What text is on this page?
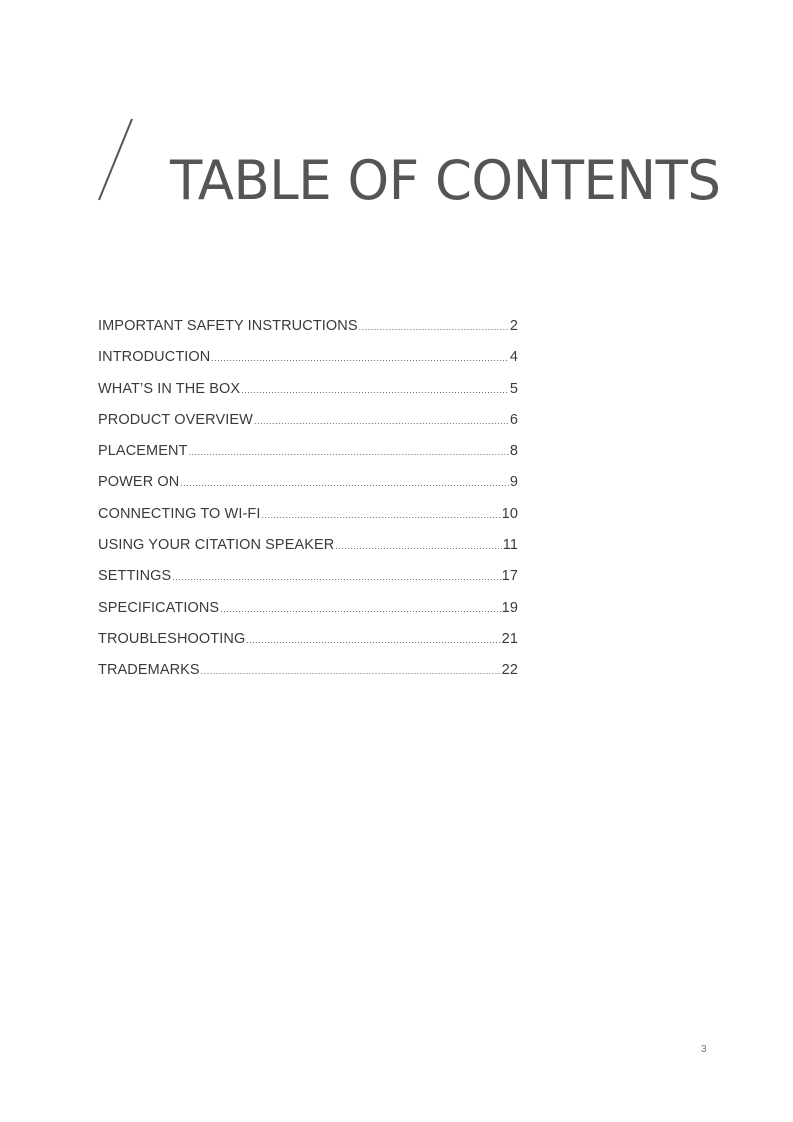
TABLE OF CONTENTS
IMPORTANT SAFETY INSTRUCTIONS .....	2
INTRODUCTION .....	4
WHAT’S IN THE BOX .....	5
PRODUCT OVERVIEW .....	6
PLACEMENT .....	8
POWER ON .....	9
CONNECTING TO WI-FI .....	10
USING YOUR CITATION SPEAKER .....	11
SETTINGS .....	17
SPECIFICATIONS .....	19
TROUBLESHOOTING .....	21
TRADEMARKS .....	22
3
